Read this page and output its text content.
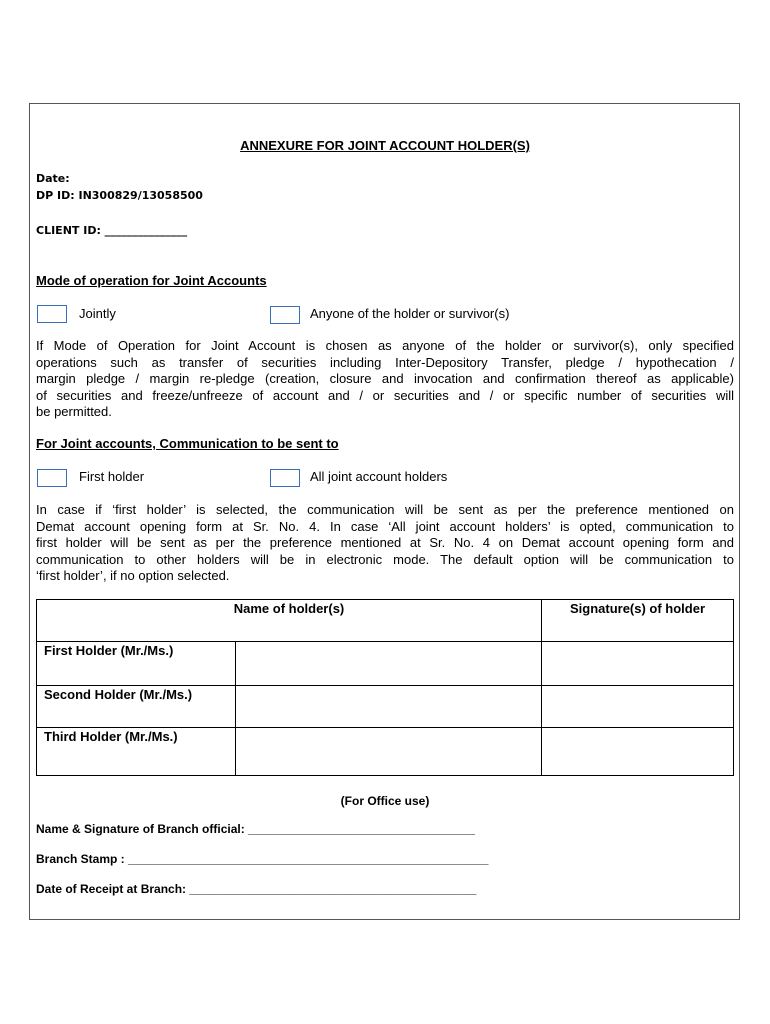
ANNEXURE FOR JOINT ACCOUNT HOLDER(S)
Date:
DP ID: IN300829/13058500
CLIENT ID: _______________
Mode of operation for Joint Accounts
Jointly	Anyone of the holder or survivor(s)
If Mode of Operation for Joint Account is chosen as anyone of the holder or survivor(s), only specified
operations such as transfer of securities including Inter-Depository Transfer, pledge / hypothecation /
margin pledge / margin re-pledge (creation, closure and invocation and confirmation thereof as applicable)
of securities and freeze/unfreeze of account and / or securities and / or specific number of securities will
be permitted.
For Joint accounts, Communication to be sent to
First holder	All joint account holders
In case if ‘first holder’ is selected, the communication will be sent as per the preference mentioned on
Demat account opening form at Sr. No. 4. In case ‘All joint account holders’ is opted, communication to
first holder will be sent as per the preference mentioned at Sr. No. 4 on Demat account opening form and
communication to other holders will be in electronic mode. The default option will be communication to
‘first holder’, if no option selected.
Name of holder(s)	Signature(s) of holder
First Holder (Mr./Ms.)
Second Holder (Mr./Ms.)
Third Holder (Mr./Ms.)
(For Office use)
Name & Signature of Branch official: __________________________________
Branch Stamp : ______________________________________________________
Date of Receipt at Branch: ___________________________________________
